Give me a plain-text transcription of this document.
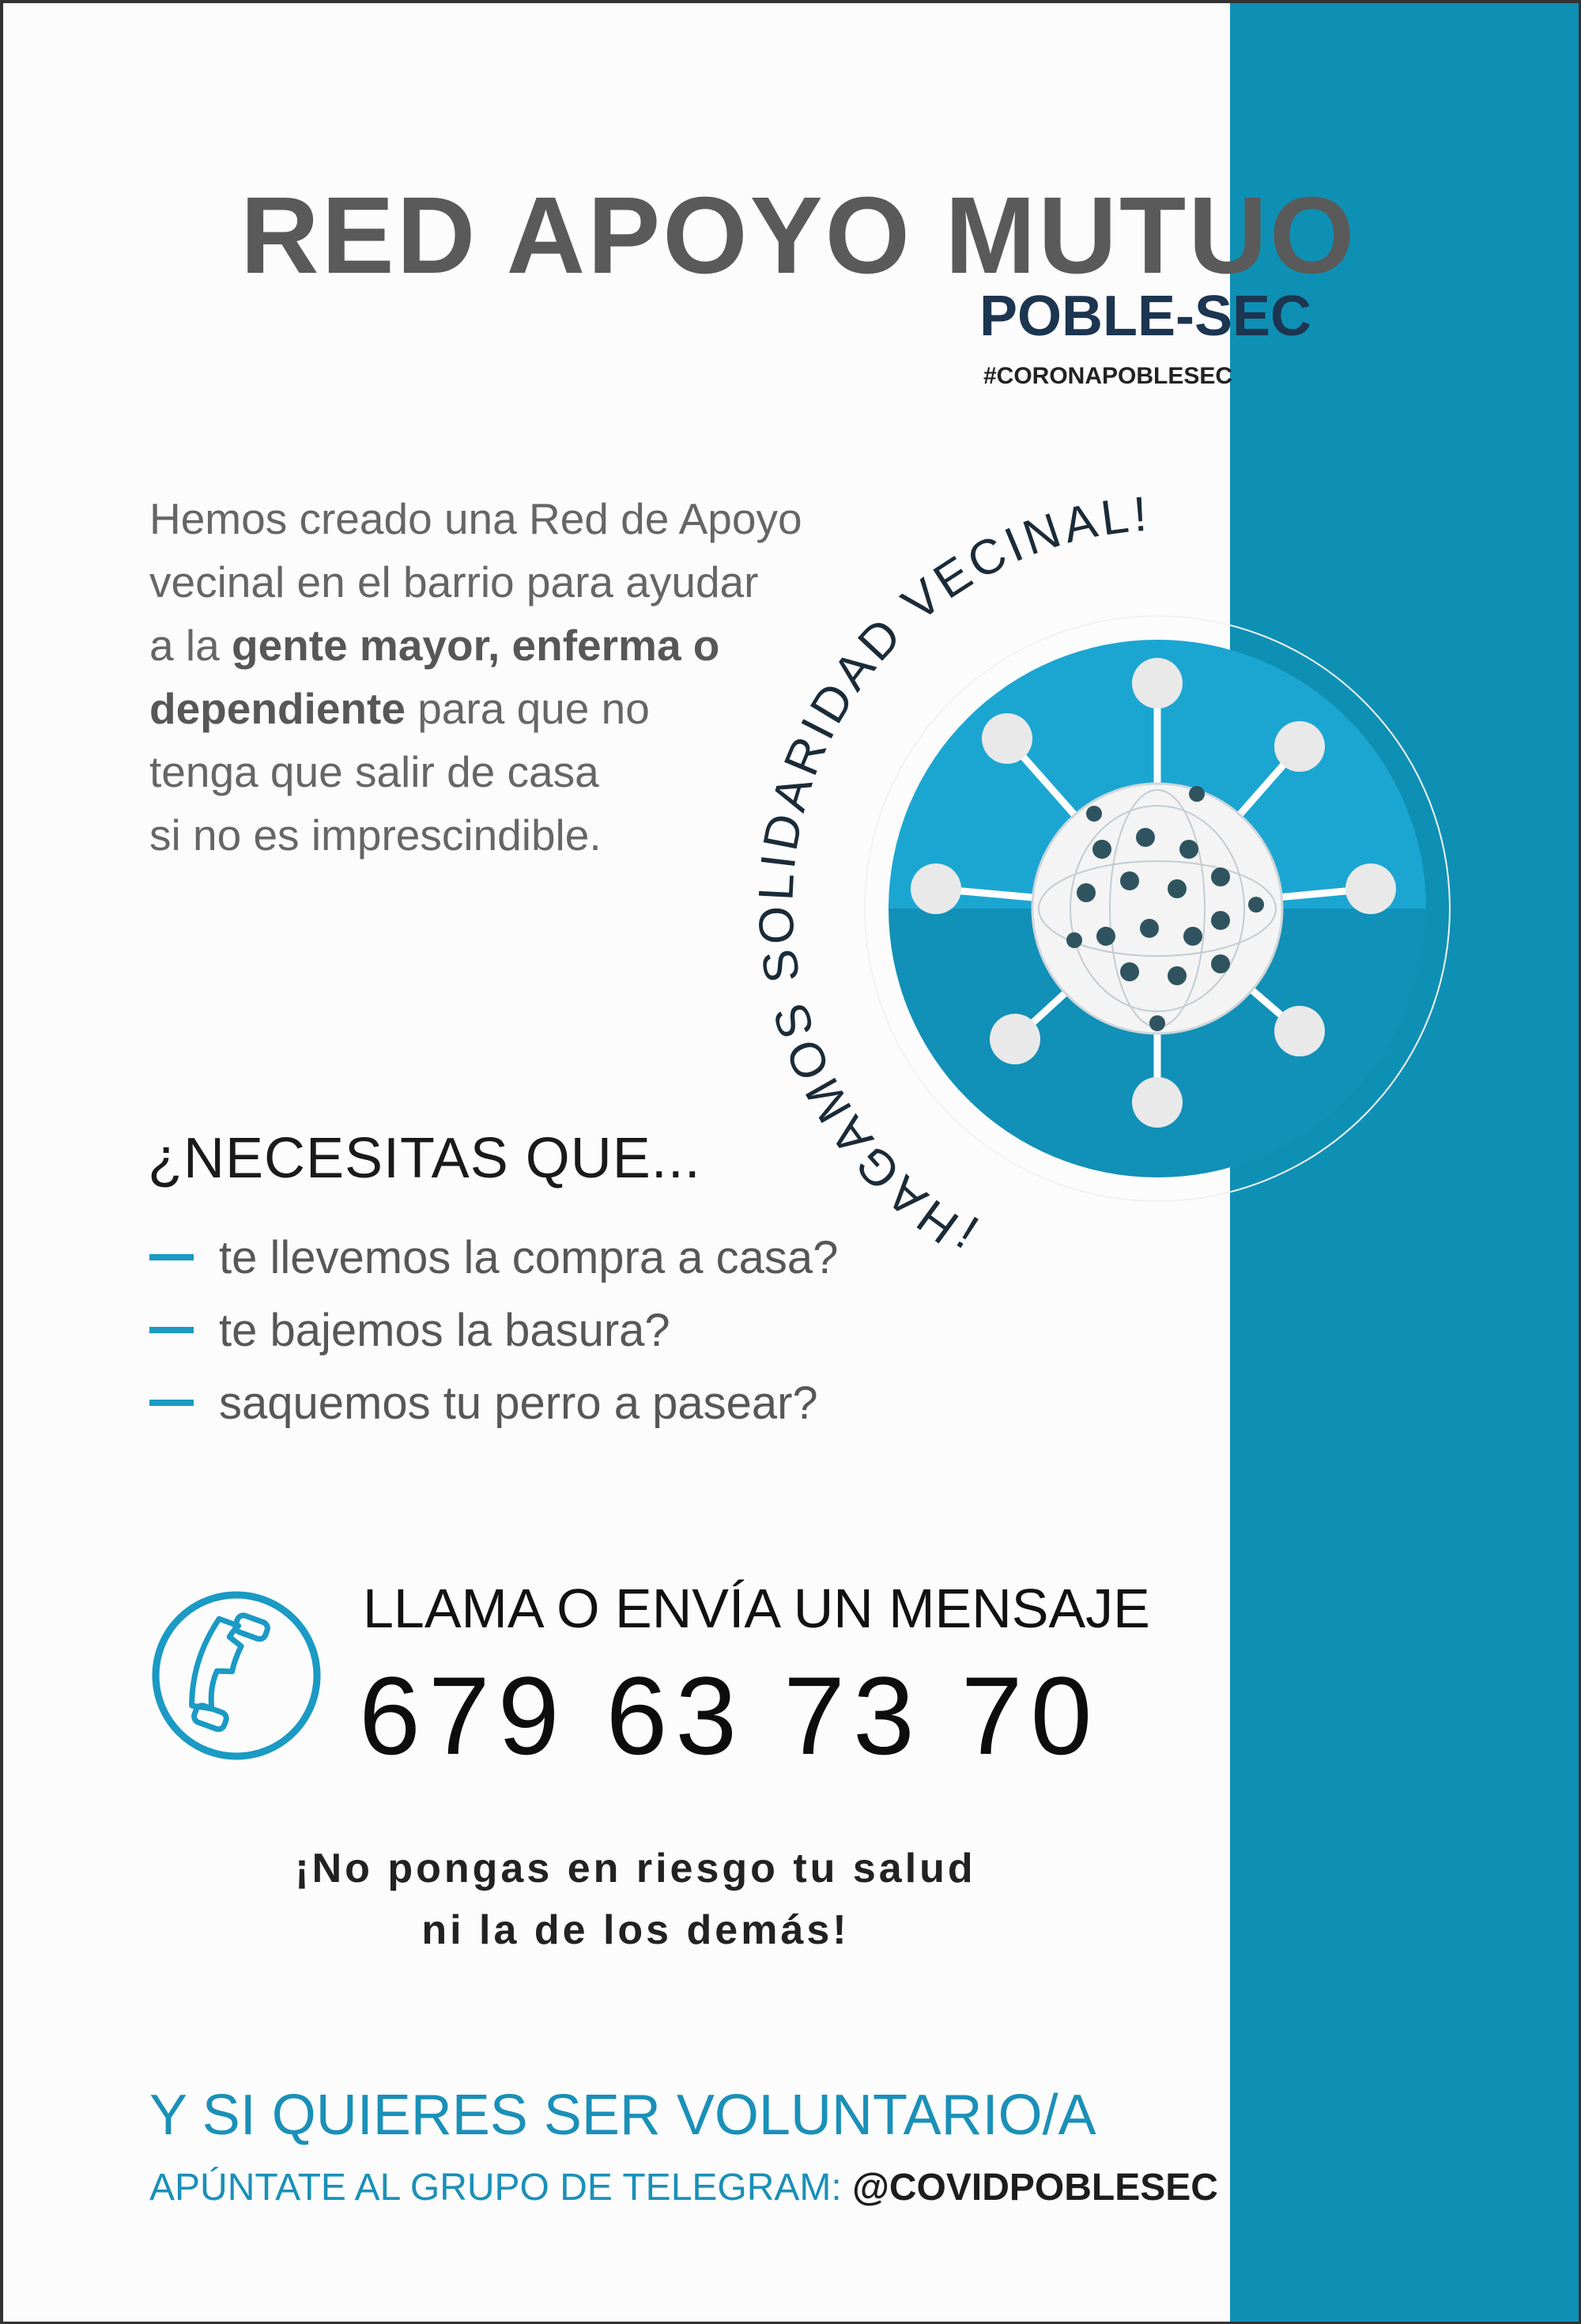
RED APOYO MUTUO
POBLE-SEC

#CORONAPOBLESEC

Hemos creado una Red de Apoyo
vecinal en el barrio para ayudar
a la gente mayor, enferma o
dependiente para que no
tenga que salir de casa
si no es imprescindible.

¡HAGAMOS SOLIDARIDAD VECINAL!
¿NECESITAS QUE...
te llevemos la compra a casa?
te bajemos la basura?
saquemos tu perro a pasear?

LLAMA O ENVÍA UN MENSAJE

679 63 73 70

¡No pongas en riesgo tu salud
ni la de los demás!

Y SI QUIERES SER VOLUNTARIO/A

APÚNTATE AL GRUPO DE TELEGRAM: @COVIDPOBLESEC
